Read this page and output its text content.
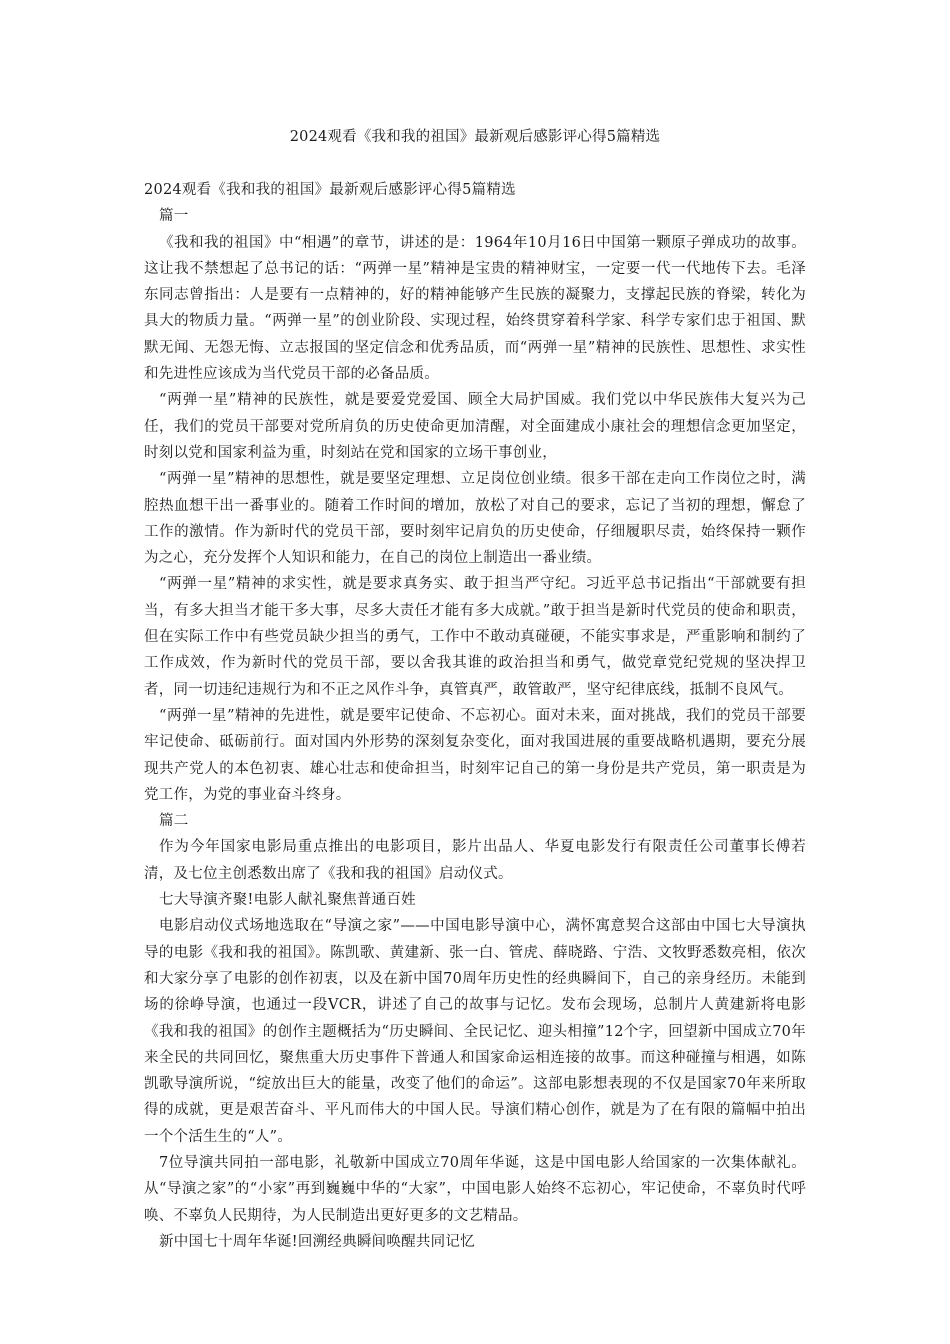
2024观看《我和我的祖国》最新观后感影评心得5篇精选

2024观看《我和我的祖国》最新观后感影评心得5篇精选

篇一

《我和我的祖国》中“相遇”的章节，讲述的是：1964年10月16日中国第一颗原子弹成功的故事。这让我不禁想起了总书记的话：“两弹一星”精神是宝贵的精神财宝，一定要一代一代地传下去。毛泽东同志曾指出：人是要有一点精神的，好的精神能够产生民族的凝聚力，支撑起民族的脊梁，转化为具大的物质力量。“两弹一星”的创业阶段、实现过程，始终贯穿着科学家、科学专家们忠于祖国、默默无闻、无怨无悔、立志报国的坚定信念和优秀品质，而“两弹一星”精神的民族性、思想性、求实性和先进性应该成为当代党员干部的必备品质。

“两弹一星”精神的民族性，就是要爱党爱国、顾全大局护国威。我们党以中华民族伟大复兴为己任，我们的党员干部要对党所肩负的历史使命更加清醒，对全面建成小康社会的理想信念更加坚定，时刻以党和国家利益为重，时刻站在党和国家的立场干事创业，

“两弹一星”精神的思想性，就是要坚定理想、立足岗位创业绩。很多干部在走向工作岗位之时，满腔热血想干出一番事业的。随着工作时间的增加，放松了对自己的要求，忘记了当初的理想，懈怠了工作的激情。作为新时代的党员干部，要时刻牢记肩负的历史使命，仔细履职尽责，始终保持一颗作为之心，充分发挥个人知识和能力，在自己的岗位上制造出一番业绩。

“两弹一星”精神的求实性，就是要求真务实、敢于担当严守纪。习近平总书记指出“干部就要有担当，有多大担当才能干多大事，尽多大责任才能有多大成就。”敢于担当是新时代党员的使命和职责，但在实际工作中有些党员缺少担当的勇气，工作中不敢动真碰硬，不能实事求是，严重影响和制约了工作成效，作为新时代的党员干部，要以舍我其谁的政治担当和勇气，做党章党纪党规的坚决捍卫者，同一切违纪违规行为和不正之风作斗争，真管真严，敢管敢严，坚守纪律底线，抵制不良风气。

“两弹一星”精神的先进性，就是要牢记使命、不忘初心。面对未来，面对挑战，我们的党员干部要牢记使命、砥砺前行。面对国内外形势的深刻复杂变化，面对我国进展的重要战略机遇期，要充分展现共产党人的本色初衷、雄心壮志和使命担当，时刻牢记自己的第一身份是共产党员，第一职责是为党工作，为党的事业奋斗终身。

篇二

作为今年国家电影局重点推出的电影项目，影片出品人、华夏电影发行有限责任公司董事长傅若清，及七位主创悉数出席了《我和我的祖国》启动仪式。

七大导演齐聚!电影人献礼聚焦普通百姓

电影启动仪式场地选取在“导演之家”——中国电影导演中心，满怀寓意契合这部由中国七大导演执导的电影《我和我的祖国》。陈凯歌、黄建新、张一白、管虎、薛晓路、宁浩、文牧野悉数亮相，依次和大家分享了电影的创作初衷，以及在新中国70周年历史性的经典瞬间下，自己的亲身经历。未能到场的徐峥导演，也通过一段VCR，讲述了自己的故事与记忆。发布会现场，总制片人黄建新将电影《我和我的祖国》的创作主题概括为“历史瞬间、全民记忆、迎头相撞”12个字，回望新中国成立70年来全民的共同回忆，聚焦重大历史事件下普通人和国家命运相连接的故事。而这种碰撞与相遇，如陈凯歌导演所说，“绽放出巨大的能量，改变了他们的命运”。这部电影想表现的不仅是国家70年来所取得的成就，更是艰苦奋斗、平凡而伟大的中国人民。导演们精心创作，就是为了在有限的篇幅中拍出一个个活生生的“人”。

7位导演共同拍一部电影，礼敬新中国成立70周年华诞，这是中国电影人给国家的一次集体献礼。从“导演之家”的“小家”再到巍巍中华的“大家”，中国电影人始终不忘初心，牢记使命，不辜负时代呼唤、不辜负人民期待，为人民制造出更好更多的文艺精品。

新中国七十周年华诞!回溯经典瞬间唤醒共同记忆
